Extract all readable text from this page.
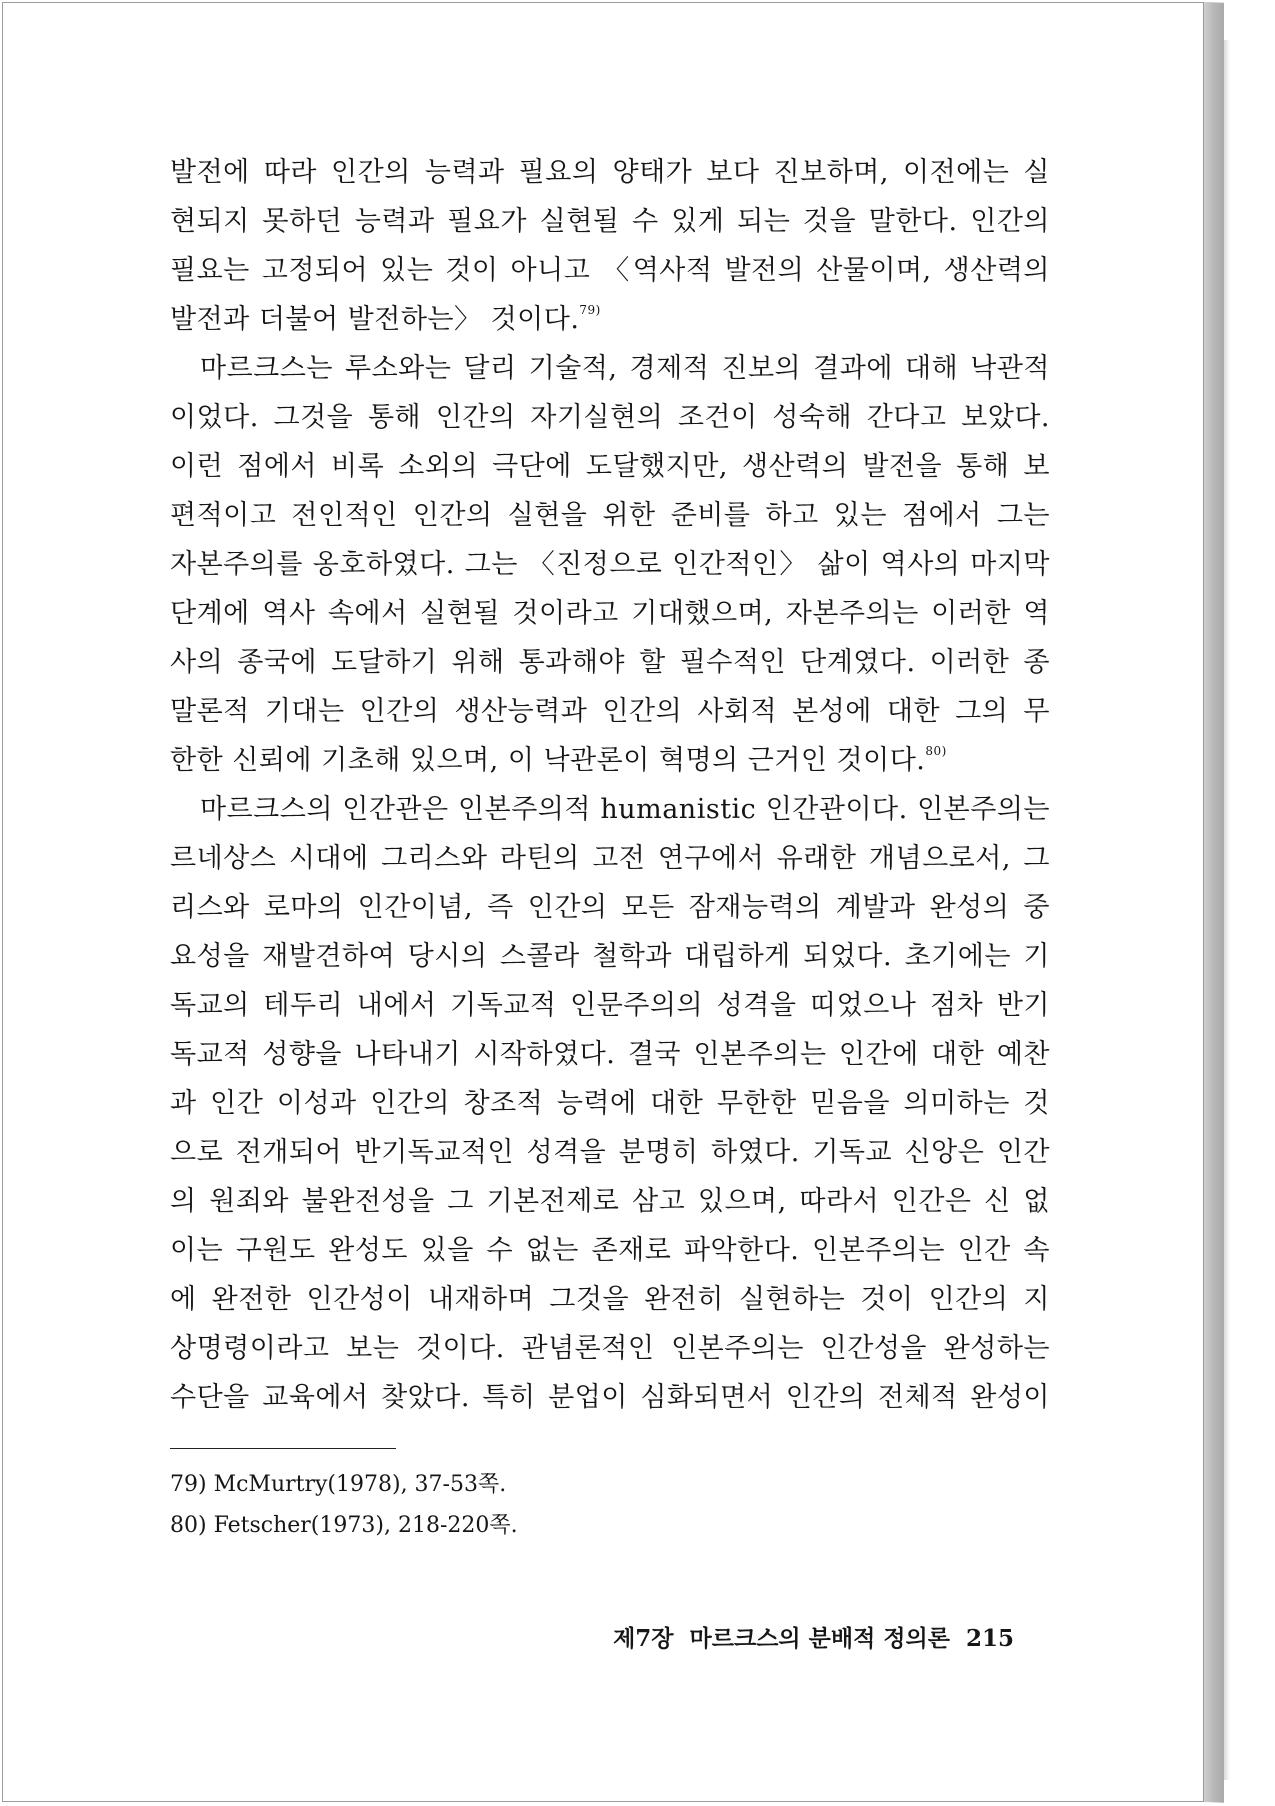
발전에 따라 인간의 능력과 필요의 양태가 보다 진보하며, 이전에는 실
현되지 못하던 능력과 필요가 실현될 수 있게 되는 것을 말한다. 인간의
필요는 고정되어 있는 것이 아니고 〈역사적 발전의 산물이며, 생산력의
발전과 더불어 발전하는〉 것이다.$^{79)}$
마르크스는 루소와는 달리 기술적, 경제적 진보의 결과에 대해 낙관적
이었다. 그것을 통해 인간의 자기실현의 조건이 성숙해 간다고 보았다.
이런 점에서 비록 소외의 극단에 도달했지만, 생산력의 발전을 통해 보
편적이고 전인적인 인간의 실현을 위한 준비를 하고 있는 점에서 그는
자본주의를 옹호하였다. 그는 〈진정으로 인간적인〉 삶이 역사의 마지막
단계에 역사 속에서 실현될 것이라고 기대했으며, 자본주의는 이러한 역
사의 종국에 도달하기 위해 통과해야 할 필수적인 단계였다. 이러한 종
말론적 기대는 인간의 생산능력과 인간의 사회적 본성에 대한 그의 무
한한 신뢰에 기초해 있으며, 이 낙관론이 혁명의 근거인 것이다.$^{80)}$
마르크스의 인간관은 인본주의적 humanistic 인간관이다. 인본주의는
르네상스 시대에 그리스와 라틴의 고전 연구에서 유래한 개념으로서, 그
리스와 로마의 인간이념, 즉 인간의 모든 잠재능력의 계발과 완성의 중
요성을 재발견하여 당시의 스콜라 철학과 대립하게 되었다. 초기에는 기
독교의 테두리 내에서 기독교적 인문주의의 성격을 띠었으나 점차 반기
독교적 성향을 나타내기 시작하였다. 결국 인본주의는 인간에 대한 예찬
과 인간 이성과 인간의 창조적 능력에 대한 무한한 믿음을 의미하는 것
으로 전개되어 반기독교적인 성격을 분명히 하였다. 기독교 신앙은 인간
의 원죄와 불완전성을 그 기본전제로 삼고 있으며, 따라서 인간은 신 없
이는 구원도 완성도 있을 수 없는 존재로 파악한다. 인본주의는 인간 속
에 완전한 인간성이 내재하며 그것을 완전히 실현하는 것이 인간의 지
상명령이라고 보는 것이다. 관념론적인 인본주의는 인간성을 완성하는
수단을 교육에서 찾았다. 특히 분업이 심화되면서 인간의 전체적 완성이
79) McMurtry(1978), 37-53쪽.
80) Fetscher(1973), 218-220쪽.
제7장 마르크스의 분배적 정의론 215
